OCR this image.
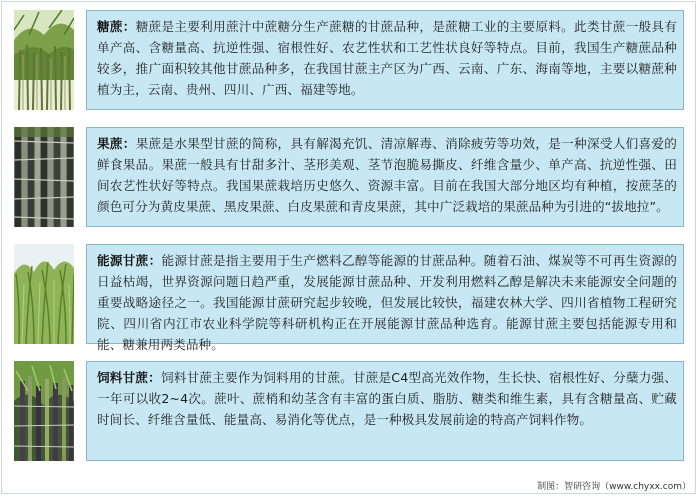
糖蔗：糖蔗是主要利用蔗汁中蔗糖分生产蔗糖的甘蔗品种，是蔗糖工业的主要原料。此类甘蔗一般具有单产高、含糖量高、抗逆性强、宿根性好、农艺性状和工艺性状良好等特点。目前，我国生产糖蔗品种较多，推广面积较其他甘蔗品种多，在我国甘蔗主产区为广西、云南、广东、海南等地，主要以糖蔗种植为主，云南、贵州、四川、广西、福建等地。
果蔗：果蔗是水果型甘蔗的简称，具有解渴充饥、清凉解毒、消除疲劳等功效，是一种深受人们喜爱的鲜食果品。果蔗一般具有甘甜多汁、茎形美观、茎节泡脆易撕皮、纤维含量少、单产高、抗逆性强、田间农艺性状好等特点。我国果蔗栽培历史悠久、资源丰富。目前在我国大部分地区均有种植，按蔗茎的颜色可分为黄皮果蔗、黑皮果蔗、白皮果蔗和青皮果蔗，其中广泛栽培的果蔗品种为引进的“拔地拉”。
能源甘蔗：能源甘蔗是指主要用于生产燃料乙醇等能源的甘蔗品种。随着石油、煤炭等不可再生资源的日益枯竭，世界资源问题日趋严重，发展能源甘蔗品种、开发利用燃料乙醇是解决未来能源安全问题的重要战略途径之一。我国能源甘蔗研究起步较晚，但发展比较快，福建农林大学、四川省植物工程研究院、四川省内江市农业科学院等科研机构正在开展能源甘蔗品种选育。能源甘蔗主要包括能源专用和能、糖兼用两类品种。
饲料甘蔗：饲料甘蔗主要作为饲料用的甘蔗。甘蔗是C4型高光效作物，生长快、宿根性好、分蘖力强、一年可以收2~4次。蔗叶、蔗梢和幼茎含有丰富的蛋白质、脂肪、糖类和维生素，具有含糖量高、贮藏时间长、纤维含量低、能量高、易消化等优点，是一种极具发展前途的特高产饲料作物。
制图：智研咨询（www.chyxx.com）
